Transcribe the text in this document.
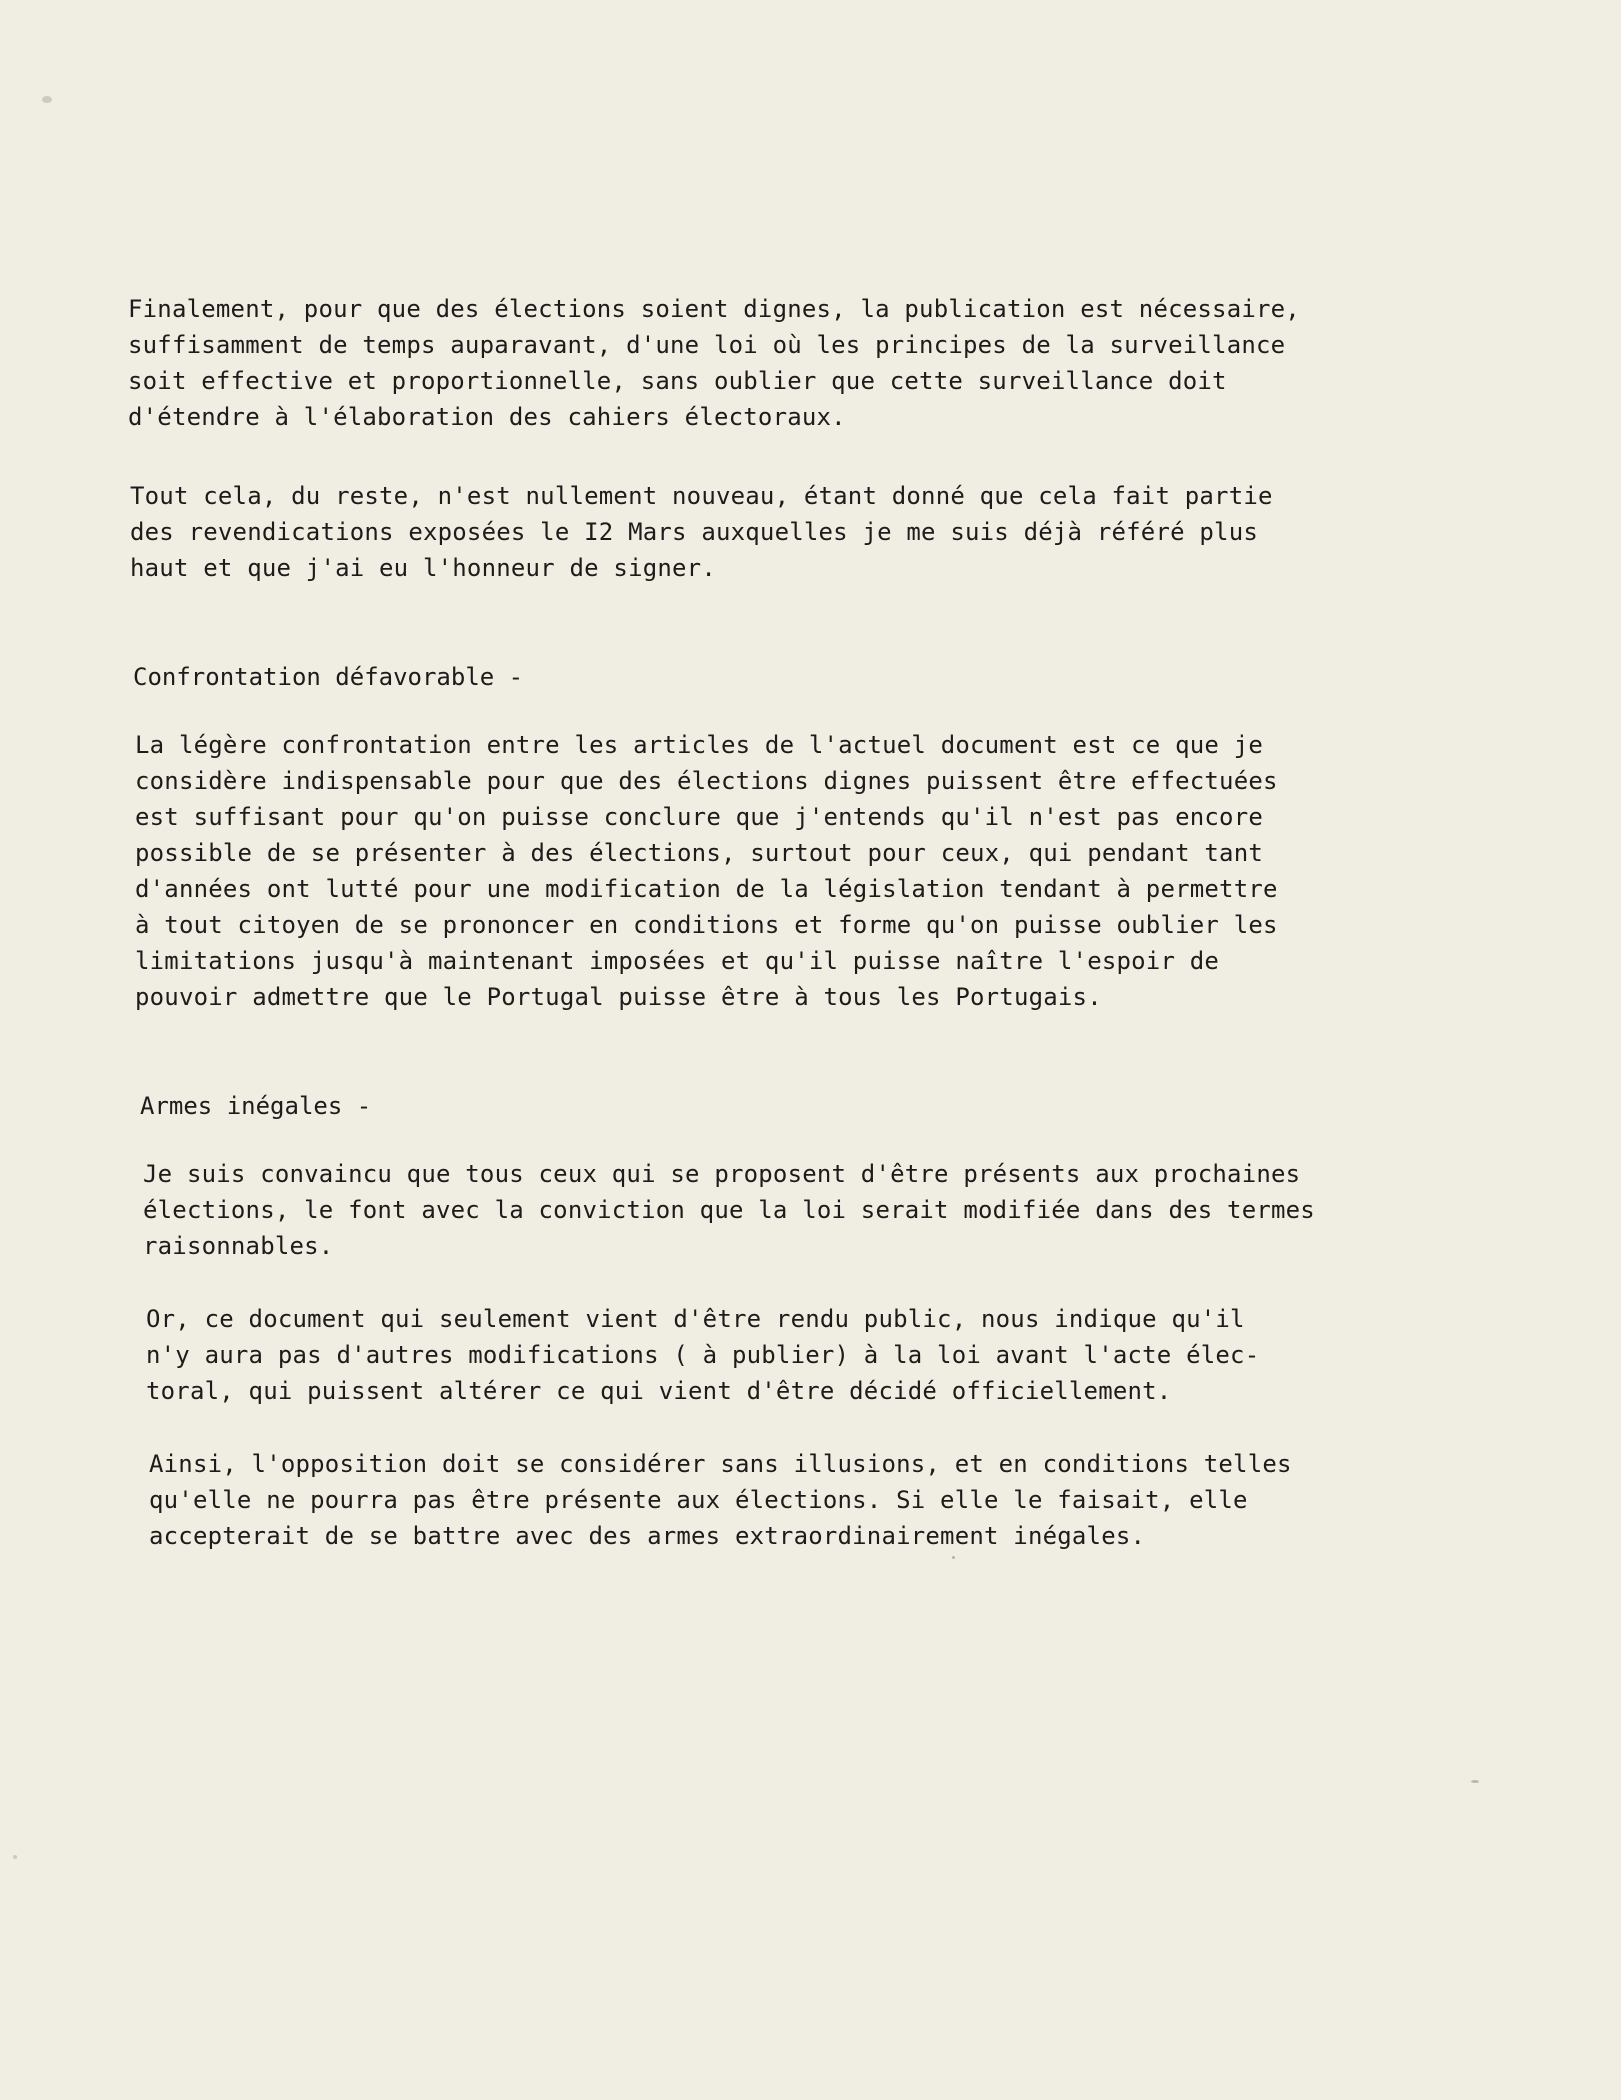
Finalement, pour que des élections soient dignes, la publication est nécessaire,
suffisamment de temps auparavant, d'une loi où les principes de la surveillance
soit effective et proportionnelle, sans oublier que cette surveillance doit
d'étendre à l'élaboration des cahiers électoraux.
Tout cela, du reste, n'est nullement nouveau, étant donné que cela fait partie
des revendications exposées le I2 Mars auxquelles je me suis déjà référé plus
haut et que j'ai eu l'honneur de signer.
Confrontation défavorable -
La légère confrontation entre les articles de l'actuel document est ce que je
considère indispensable pour que des élections dignes puissent être effectuées
est suffisant pour qu'on puisse conclure que j'entends qu'il n'est pas encore
possible de se présenter à des élections, surtout pour ceux, qui pendant tant
d'années ont lutté pour une modification de la législation tendant à permettre
à tout citoyen de se prononcer en conditions et forme qu'on puisse oublier les
limitations jusqu'à maintenant imposées et qu'il puisse naître l'espoir de
pouvoir admettre que le Portugal puisse être à tous les Portugais.
Armes inégales -
Je suis convaincu que tous ceux qui se proposent d'être présents aux prochaines
élections, le font avec la conviction que la loi serait modifiée dans des termes
raisonnables.
Or, ce document qui seulement vient d'être rendu public, nous indique qu'il
n'y aura pas d'autres modifications ( à publier) à la loi avant l'acte élec-
toral, qui puissent altérer ce qui vient d'être décidé officiellement.
Ainsi, l'opposition doit se considérer sans illusions, et en conditions telles
qu'elle ne pourra pas être présente aux élections. Si elle le faisait, elle
accepterait de se battre avec des armes extraordinairement inégales.
